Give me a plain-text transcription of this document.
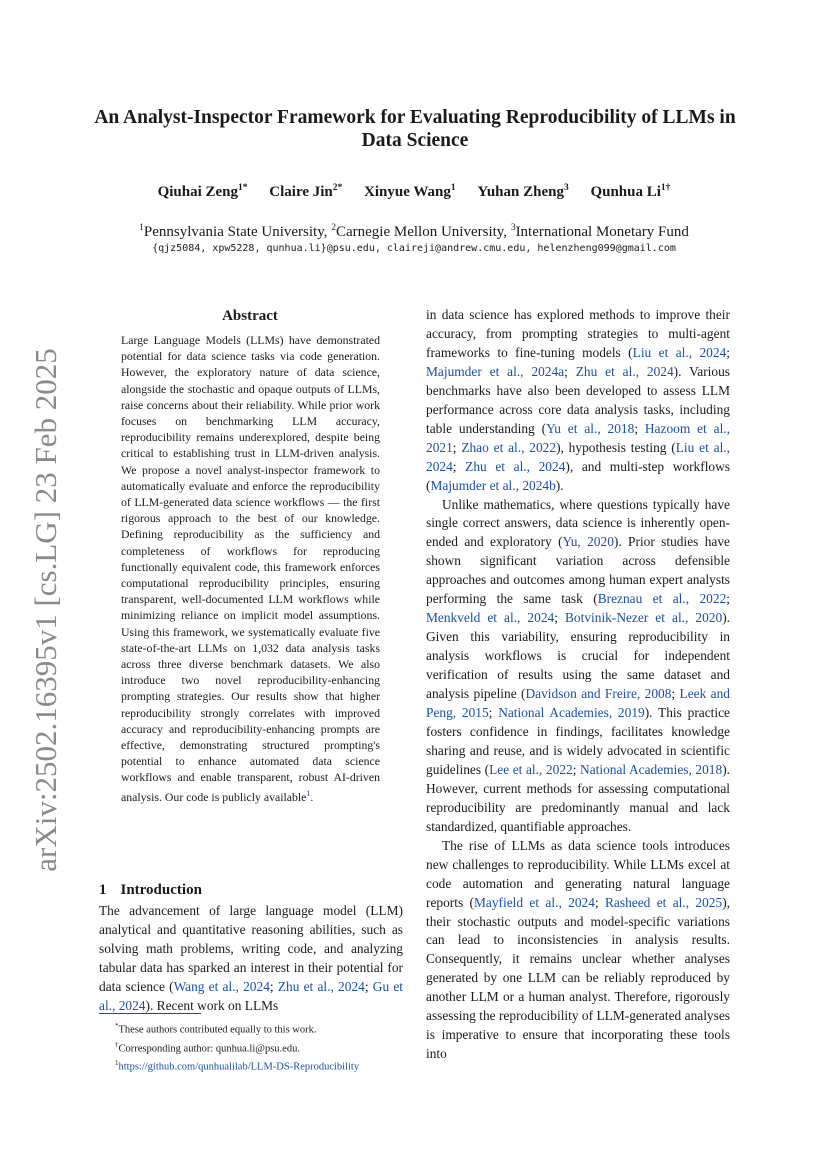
arXiv:2502.16395v1 [cs.LG] 23 Feb 2025
An Analyst-Inspector Framework for Evaluating Reproducibility of LLMs in Data Science
Qiuhai Zeng$^{1*}$ Claire Jin$^{2*}$ Xinyue Wang$^1$ Yuhan Zheng$^3$ Qunhua $Li^{1\dagger}$
$^1$Pennsylvania State University, $^2$Carnegie Mellon University, $^3$International Monetary Fund
{qjz5084, xpw5228, qunhua.li}@psu.edu, claireji@andrew.cmu.edu, helenzheng099@gmail.com
Abstract
Large Language Models (LLMs) have demonstrated potential for data science tasks via code generation. However, the exploratory nature of data science, alongside the stochastic and opaque outputs of LLMs, raise concerns about their reliability. While prior work focuses on benchmarking LLM accuracy, reproducibility remains underexplored, despite being critical to establishing trust in LLM-driven analysis. We propose a novel analyst-inspector framework to automatically evaluate and enforce the reproducibility of LLM-generated data science workflows — the first rigorous approach to the best of our knowledge. Defining reproducibility as the sufficiency and completeness of workflows for reproducing functionally equivalent code, this framework enforces computational reproducibility principles, ensuring transparent, well-documented LLM workflows while minimizing reliance on implicit model assumptions. Using this framework, we systematically evaluate five state-of-the-art LLMs on 1,032 data analysis tasks across three diverse benchmark datasets. We also introduce two novel reproducibility-enhancing prompting strategies. Our results show that higher reproducibility strongly correlates with improved accuracy and reproducibility-enhancing prompts are effective, demonstrating structured prompting's potential to enhance automated data science workflows and enable transparent, robust AI-driven analysis. Our code is publicly available$^1$.
1 Introduction
The advancement of large language model (LLM) analytical and quantitative reasoning abilities, such as solving math problems, writing code, and analyzing tabular data has sparked an interest in their potential for data science (Wang et al., 2024; Zhu et al., 2024; Gu et al., 2024). Recent work on LLMs
*These authors contributed equally to this work.
†Corresponding author: qunhua.li@psu.edu.
$^1$https://github.com/qunhualilab/LLM-DS-Reproducibility

in data science has explored methods to improve their accuracy, from prompting strategies to multi-agent frameworks to fine-tuning models (Liu et al., 2024; Majumder et al., 2024a; Zhu et al., 2024). Various benchmarks have also been developed to assess LLM performance across core data analysis tasks, including table understanding (Yu et al., 2018; Hazoom et al., 2021; Zhao et al., 2022), hypothesis testing (Liu et al., 2024; Zhu et al., 2024), and multi-step workflows (Majumder et al., 2024b).

Unlike mathematics, where questions typically have single correct answers, data science is inherently open-ended and exploratory (Yu, 2020). Prior studies have shown significant variation across defensible approaches and outcomes among human expert analysts performing the same task (Breznau et al., 2022; Menkveld et al., 2024; Botvinik-Nezer et al., 2020). Given this variability, ensuring reproducibility in analysis workflows is crucial for independent verification of results using the same dataset and analysis pipeline (Davidson and Freire, 2008; Leek and Peng, 2015; National Academies, 2019). This practice fosters confidence in findings, facilitates knowledge sharing and reuse, and is widely advocated in scientific guidelines (Lee et al., 2022; National Academies, 2018). However, current methods for assessing computational reproducibility are predominantly manual and lack standardized, quantifiable approaches.

The rise of LLMs as data science tools introduces new challenges to reproducibility. While LLMs excel at code automation and generating natural language reports (Mayfield et al., 2024; Rasheed et al., 2025), their stochastic outputs and model-specific variations can lead to inconsistencies in analysis results. Consequently, it remains unclear whether analyses generated by one LLM can be reliably reproduced by another LLM or a human analyst. Therefore, rigorously assessing the reproducibility of LLM-generated analyses is imperative to ensure that incorporating these tools into
